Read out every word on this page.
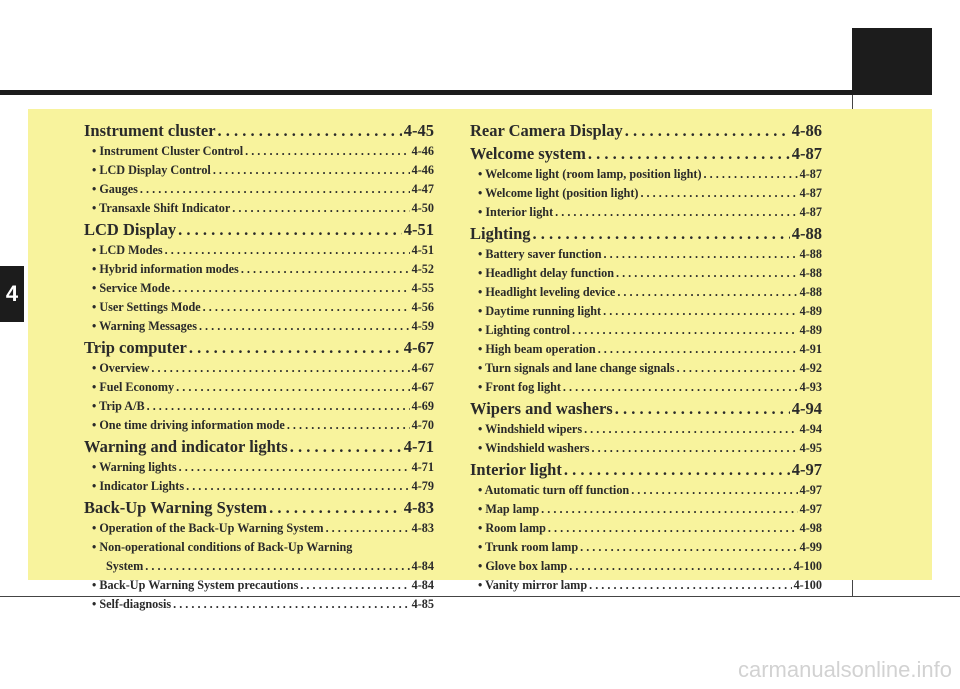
4
Instrument cluster . . .	4-45
• Instrument Cluster Control . . .	4-46
• LCD Display Control . . .	4-46
• Gauges . . .	4-47
• Transaxle Shift Indicator . . .	4-50
LCD Display . . .	4-51
• LCD Modes . . .	4-51
• Hybrid information modes . . .	4-52
• Service Mode . . .	4-55
• User Settings Mode . . .	4-56
• Warning Messages . . .	4-59
Trip computer . . .	4-67
• Overview . . .	4-67
• Fuel Economy . . .	4-67
• Trip A/B . . .	4-69
• One time driving information mode . . .	4-70
Warning and indicator lights . . .	4-71
• Warning lights . . .	4-71
• Indicator Lights . . .	4-79
Back-Up Warning System . . .	4-83
• Operation of the Back-Up Warning System . . .	4-83
• Non-operational conditions of Back-Up Warning
System . . .	4-84
• Back-Up Warning System precautions . . .	4-84
• Self-diagnosis . . .	4-85
Rear Camera Display . . .	4-86
Welcome system . . .	4-87
• Welcome light (room lamp, position light) . . .	4-87
• Welcome light (position light) . . .	4-87
• Interior light . . .	4-87
Lighting . . .	4-88
• Battery saver function . . .	4-88
• Headlight delay function . . .	4-88
• Headlight leveling device . . .	4-88
• Daytime running light . . .	4-89
• Lighting control . . .	4-89
• High beam operation . . .	4-91
• Turn signals and lane change signals . . .	4-92
• Front fog light . . .	4-93
Wipers and washers . . .	4-94
• Windshield wipers . . .	4-94
• Windshield washers . . .	4-95
Interior light . . .	4-97
• Automatic turn off function . . .	4-97
• Map lamp . . .	4-97
• Room lamp . . .	4-98
• Trunk room lamp . . .	4-99
• Glove box lamp . . .	4-100
• Vanity mirror lamp . . .	4-100
carmanualsonline.info
